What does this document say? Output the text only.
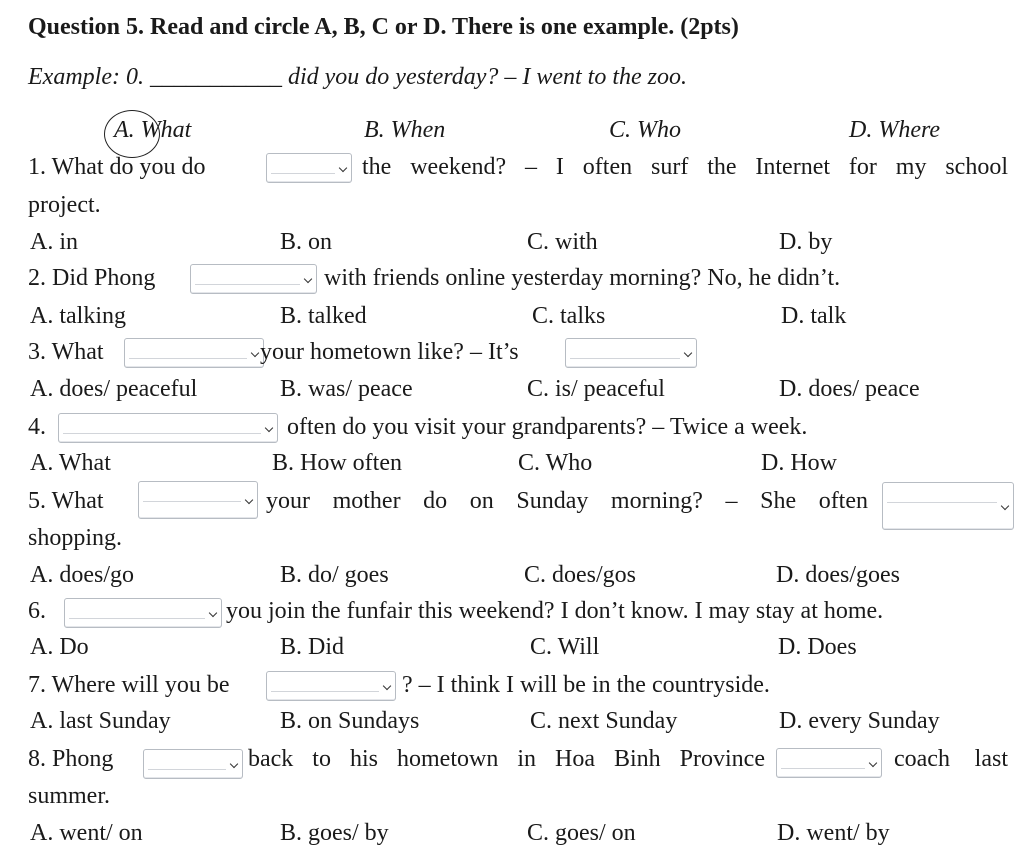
Question 5. Read and circle A, B, C or D. There is one example. (2pts)
Example: 0. ___________ did you do yesterday? – I went to the zoo.
A. What	B. When	C. Who	D. Where
1. What do you do	the weekend? – I often surf the Internet for my school
project.
A. in	B. on	C. with	D. by
2. Did Phong	with friends online yesterday morning? No, he didn’t.
A. talking	B. talked	C. talks	D. talk
3. What	your hometown like? – It’s
A. does/ peaceful	B. was/ peace	C. is/ peaceful	D. does/ peace
4.	often do you visit your grandparents? – Twice a week.
A. What	B. How often	C. Who	D. How
5. What	your mother do on Sunday morning? – She often
shopping.
A. does/go	B. do/ goes	C. does/gos	D. does/goes
6.	you join the funfair this weekend? I don’t know. I may stay at home.
A. Do	B. Did	C. Will	D. Does
7. Where will you be	? – I think I will be in the countryside.
A. last Sunday	B. on Sundays	C. next Sunday	D. every Sunday
8. Phong	back to his hometown in Hoa Binh Province	coach last
summer.
A. went/ on	B. goes/ by	C. goes/ on	D. went/ by
